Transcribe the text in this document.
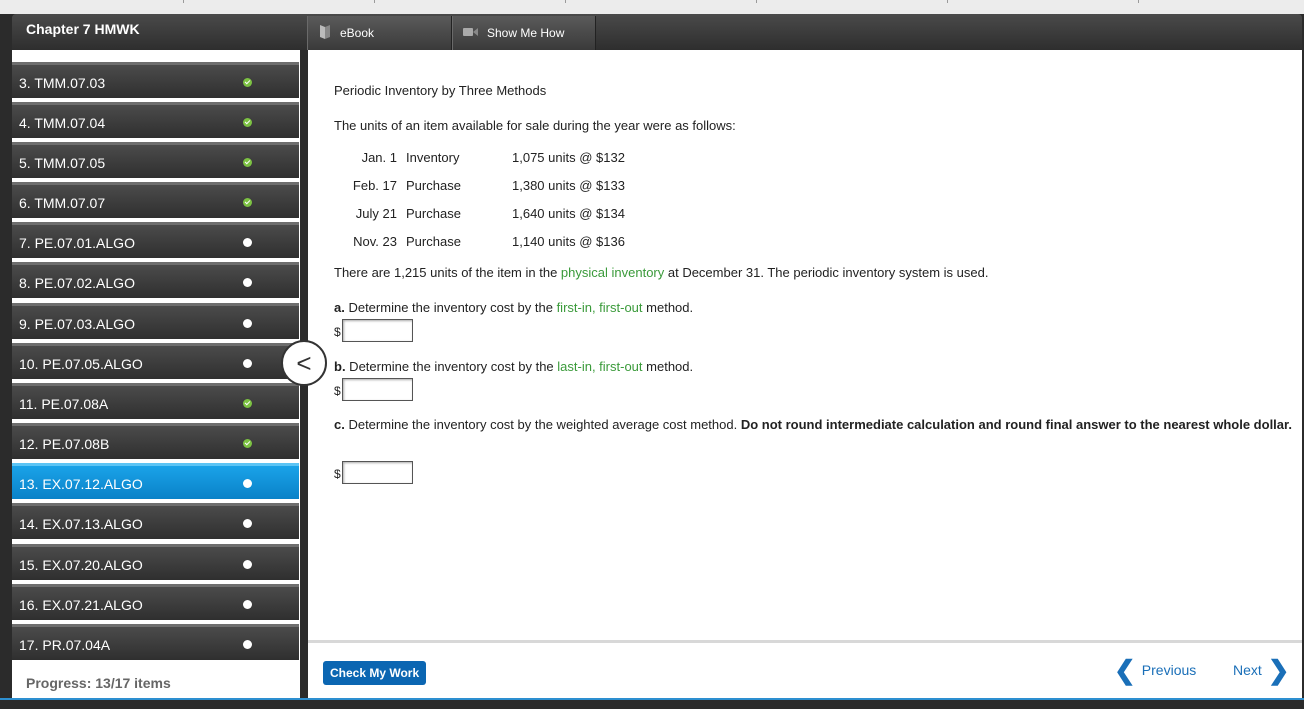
Chapter 7 HMWK	eBook	Show Me How
3. TMM.07.03
4. TMM.07.04
5. TMM.07.05
6. TMM.07.07
7. PE.07.01.ALGO
8. PE.07.02.ALGO
9. PE.07.03.ALGO
10. PE.07.05.ALGO
11. PE.07.08A
12. PE.07.08B
13. EX.07.12.ALGO
14. EX.07.13.ALGO
15. EX.07.20.ALGO
16. EX.07.21.ALGO
17. PR.07.04A
Progress: 13/17 items
<
Periodic Inventory by Three Methods
The units of an item available for sale during the year were as follows:
Jan. 1 Inventory	1,075 units @ $132
Feb. 17 Purchase	1,380 units @ $133
July 21 Purchase	1,640 units @ $134
Nov. 23 Purchase	1,140 units @ $136
There are 1,215 units of the item in the physical inventory at December 31. The periodic inventory system is used.
a. Determine the inventory cost by the first-in, first-out method.
$
b. Determine the inventory cost by the last-in, first-out method.
$
c. Determine the inventory cost by the weighted average cost method. Do not round intermediate calculation and round final answer to the nearest whole dollar.
$
Check My Work	❮ Previous	Next ❯
